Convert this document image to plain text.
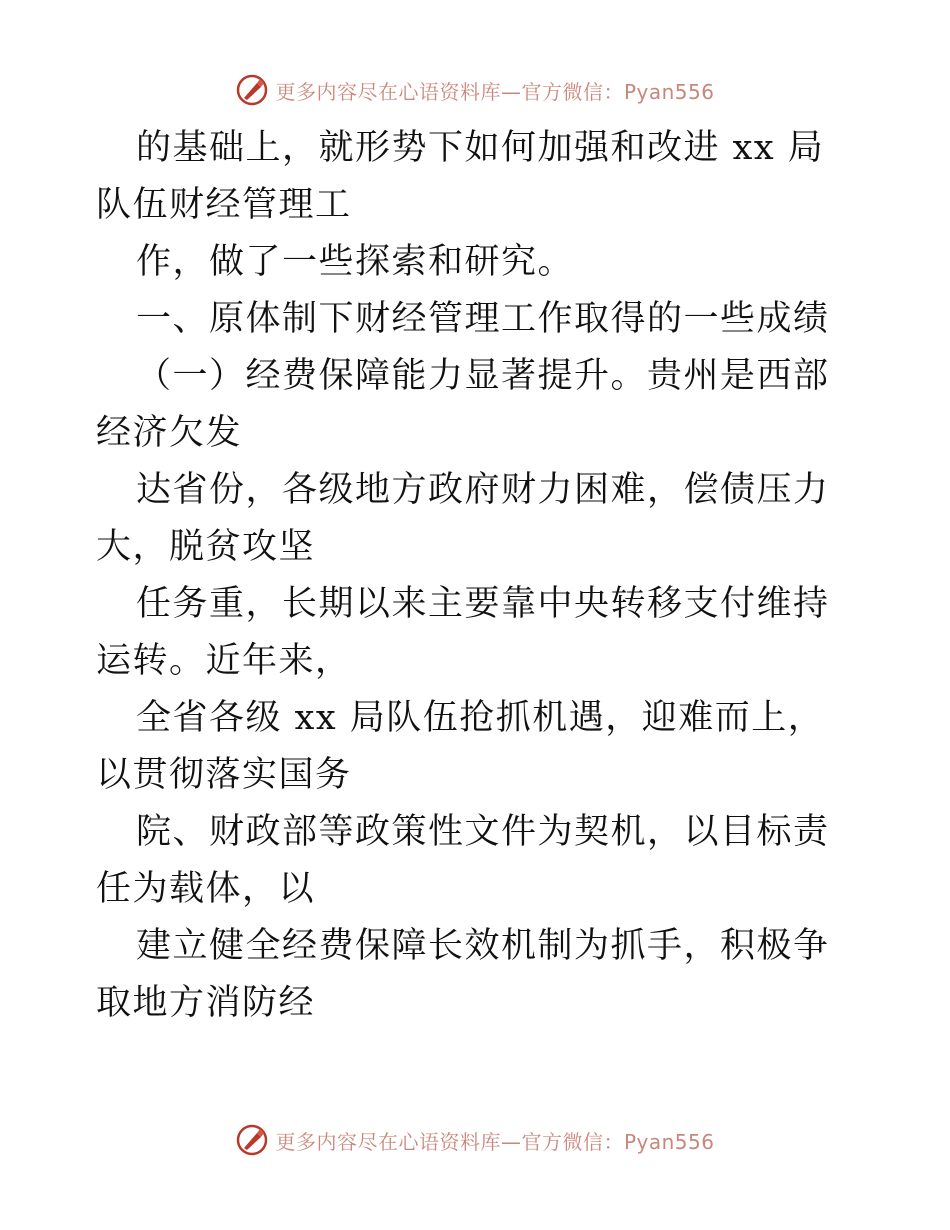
更多内容尽在心语资料库—官方微信：Pyan556

的基础上，就形势下如何加强和改进 xx 局队伍财经管理工

作，做了一些探索和研究。

一、原体制下财经管理工作取得的一些成绩

（一）经费保障能力显著提升。贵州是西部经济欠发

达省份，各级地方政府财力困难，偿债压力大，脱贫攻坚

任务重，长期以来主要靠中央转移支付维持运转。近年来，

全省各级 xx 局队伍抢抓机遇，迎难而上，以贯彻落实国务

院、财政部等政策性文件为契机，以目标责任为载体，以

建立健全经费保障长效机制为抓手，积极争取地方消防经

更多内容尽在心语资料库—官方微信：Pyan556
